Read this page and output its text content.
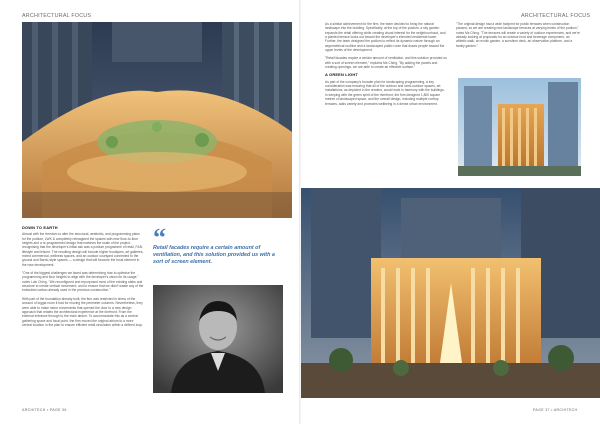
ARCHITECTURAL FOCUS
DOWN TO EARTH

Almost with the freedom to alter the structural, aesthetic, and programming plans for the podium, LWK & completely reimagined the spaces with new floor-to-floor heights and a re-programmed design that matches the scale of the project, recognising that the developer's initial ask was a podium programme of retail, F&B, lifestyle and leisure. The resulting design will include higher boutiques, art galleries, mixed commercial, wellness spaces, and an outdoor courtyard connected to the ground and Barrio-style spaces — a design that will become the focal element in the new development.

"One of the biggest challenges we faced was determining how to optimise the programming and floor heights to align with the developer's vision for its usage," notes Lulu Ching. "We reconfigured and repurposed most of the existing slabs and structure to create vertical movement, and to ensure that we didn't waste any of the embodied carbon already used in the previous construction."

With part of the foundation already built, the firm was restricted in terms of the amount of loggia room it had for moving the perimeter columns. Nevertheless, they were able to make minor movements that opened the door to a new design approach that relates the architectural experience at the forefront. From the external entrance through to the main atrium. To accommodate this as a central gathering space and focal point, the firm moved the original atrium to a more central location in the plan to ensure efficient retail circulation within a defined loop.

“
Retail facades require a certain amount of ventilation, and this solution provided us with a sort of screen element.
ARCHITECH • PAGE 36
ARCHITECTURAL FOCUS

As a similar achievement for the firm, the team decided to bring the natural landscape into the building. Specifically, at the top of the podium, a sky garden expands the retail offering while creating visual interest for the neighbourhood, and a planted terrace looks out toward the developer's intended residential tower. Further, the team designed the podium to reflect its dynamic nature through an asymmetrical roofline and a landscaped public route that draws people toward the upper levels of the development.

"Retail facades require a certain amount of ventilation, and this solution provided us with a sort of screen element," explains Ms Ching. "By adding the panels and creating openings, we are able to create an effective surface."

A GREEN LIGHT

As part of the company's broader plan for landscaping programming, a key consideration was ensuring that all of the outdoor and semi-outdoor spaces, art installations, as depicted in the renders, would work in harmony with the buildings. In keeping with the green spirit of the riverfront, the firm designed 1,800 square metres of landscaped space, and the overall design, including multiple rooftop terraces, adds variety and promotes wellbeing in a dense urban environment.

"The original design had a wide footprint for public terraces when construction paused, so we are creating new landscape terraces at varying levels of the podium," notes Ms Ching. "The terraces will create a variety of outdoor experiences, and we're already looking at proposals for an outdoor food and beverage component, an athletic walk, an exotic garden, a sunshine deck, an observation platform, and a family garden."

PAGE 37 • ARCHITECH
